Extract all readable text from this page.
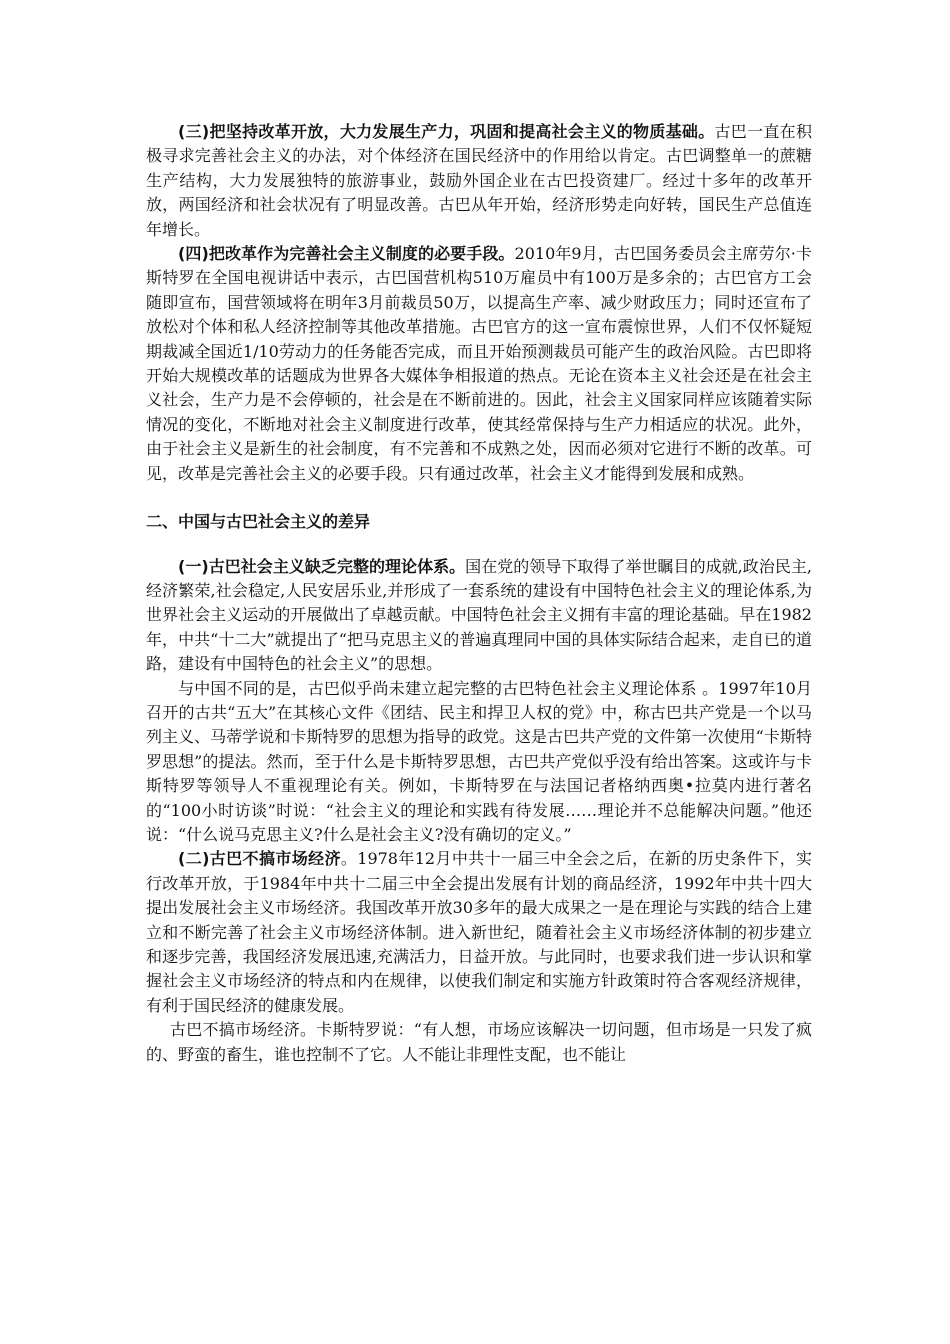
(三)把坚持改革开放，大力发展生产力，巩固和提高社会主义的物质基础。古巴一直在积极寻求完善社会主义的办法，对个体经济在国民经济中的作用给以肯定。古巴调整单一的蔗糖生产结构，大力发展独特的旅游事业，鼓励外国企业在古巴投资建厂。经过十多年的改革开放，两国经济和社会状况有了明显改善。古巴从年开始，经济形势走向好转，国民生产总值连年增长。

(四)把改革作为完善社会主义制度的必要手段。2010年9月，古巴国务委员会主席劳尔·卡斯特罗在全国电视讲话中表示，古巴国营机构510万雇员中有100万是多余的；古巴官方工会随即宣布，国营领域将在明年3月前裁员50万，以提高生产率、减少财政压力；同时还宣布了放松对个体和私人经济控制等其他改革措施。古巴官方的这一宣布震惊世界，人们不仅怀疑短期裁减全国近1/10劳动力的任务能否完成，而且开始预测裁员可能产生的政治风险。古巴即将开始大规模改革的话题成为世界各大媒体争相报道的热点。无论在资本主义社会还是在社会主义社会，生产力是不会停顿的，社会是在不断前进的。因此，社会主义国家同样应该随着实际情况的变化，不断地对社会主义制度进行改革，使其经常保持与生产力相适应的状况。此外，由于社会主义是新生的社会制度，有不完善和不成熟之处，因而必须对它进行不断的改革。可见，改革是完善社会主义的必要手段。只有通过改革，社会主义才能得到发展和成熟。

二、中国与古巴社会主义的差异

(一)古巴社会主义缺乏完整的理论体系。国在党的领导下取得了举世瞩目的成就,政治民主,经济繁荣,社会稳定,人民安居乐业,并形成了一套系统的建设有中国特色社会主义的理论体系,为世界社会主义运动的开展做出了卓越贡献。中国特色社会主义拥有丰富的理论基础。早在1982年，中共“十二大”就提出了“把马克思主义的普遍真理同中国的具体实际结合起来，走自已的道路，建设有中国特色的社会主义”的思想。

与中国不同的是，古巴似乎尚未建立起完整的古巴特色社会主义理论体系 。1997年10月召开的古共“五大”在其核心文件《团结、民主和捍卫人权的党》中，称古巴共产党是一个以马列主义、马蒂学说和卡斯特罗的思想为指导的政党。这是古巴共产党的文件第一次使用“卡斯特罗思想”的提法。然而，至于什么是卡斯特罗思想，古巴共产党似乎没有给出答案。这或许与卡斯特罗等领导人不重视理论有关。例如，卡斯特罗在与法国记者格纳西奥•拉莫内进行著名的“100小时访谈”时说：“社会主义的理论和实践有待发展……理论并不总能解决问题。”他还说：“什么说马克思主义?什么是社会主义?没有确切的定义。”

(二)古巴不搞市场经济。1978年12月中共十一届三中全会之后，在新的历史条件下，实行改革开放，于1984年中共十二届三中全会提出发展有计划的商品经济，1992年中共十四大提出发展社会主义市场经济。我国改革开放30多年的最大成果之一是在理论与实践的结合上建立和不断完善了社会主义市场经济体制。进入新世纪，随着社会主义市场经济体制的初步建立和逐步完善，我国经济发展迅速,充满活力，日益开放。与此同时，也要求我们进一步认识和掌握社会主义市场经济的特点和内在规律，以使我们制定和实施方针政策时符合客观经济规律，有利于国民经济的健康发展。

古巴不搞市场经济。卡斯特罗说：“有人想，市场应该解决一切问题，但市场是一只发了疯的、野蛮的畜生，谁也控制不了它。人不能让非理性支配，也不能让
